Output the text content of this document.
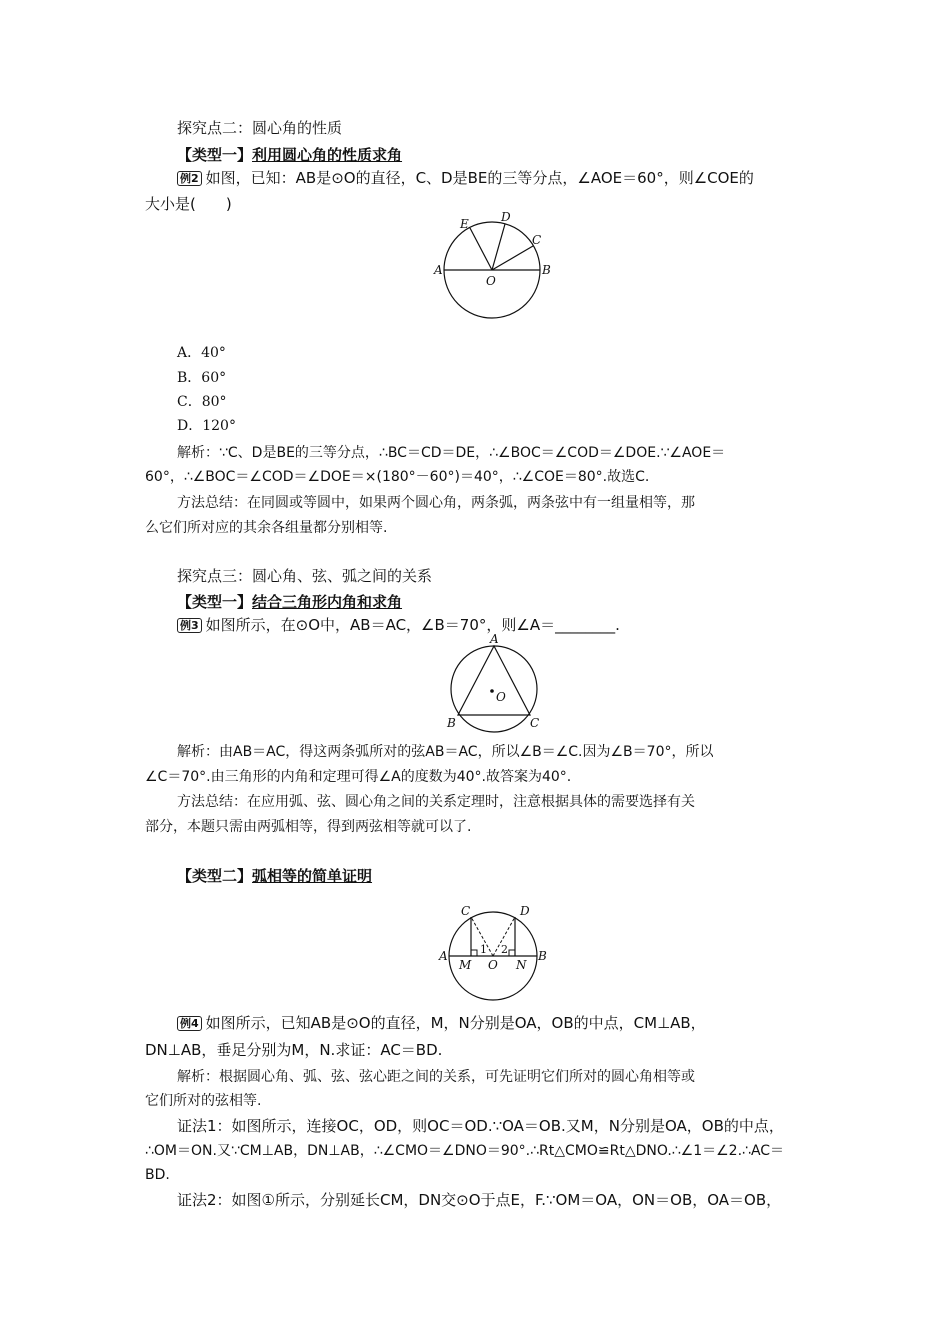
探究点二：圆心角的性质
【类型一】利用圆心角的性质求角
例2 如图，已知：AB是⊙O的直径，C、D是BE的三等分点，∠AOE＝60°，则∠COE的
大小是(　　)
A	B
O
C
D
E
A．40°
B．60°
C．80°
D．120°
解析：∵C、D是BE的三等分点，∴BC＝CD＝DE，∴∠BOC＝∠COD＝∠DOE.∵∠AOE＝
60°，∴∠BOC＝∠COD＝∠DOE＝×(180°－60°)＝40°，∴∠COE＝80°.故选C.
方法总结：在同圆或等圆中，如果两个圆心角，两条弧，两条弦中有一组量相等，那
么它们所对应的其余各组量都分别相等.
探究点三：圆心角、弦、弧之间的关系
【类型一】结合三角形内角和求角
例3 如图所示，在⊙O中，AB＝AC，∠B＝70°，则∠A＝________.
A
B	C
O
解析：由AB＝AC，得这两条弧所对的弦AB＝AC，所以∠B＝∠C.因为∠B＝70°，所以
∠C＝70°.由三角形的内角和定理可得∠A的度数为40°.故答案为40°.
方法总结：在应用弧、弦、圆心角之间的关系定理时，注意根据具体的需要选择有关
部分，本题只需由两弧相等，得到两弦相等就可以了.
【类型二】弧相等的简单证明
C	D
A	B
M O N
1 2
例4 如图所示，已知AB是⊙O的直径，M，N分别是OA，OB的中点，CM⊥AB，
DN⊥AB，垂足分别为M，N.求证：AC＝BD.
解析：根据圆心角、弧、弦、弦心距之间的关系，可先证明它们所对的圆心角相等或
它们所对的弦相等.
证法1：如图所示，连接OC，OD，则OC＝OD.∵OA＝OB.又M，N分别是OA，OB的中点，
∴OM＝ON.又∵CM⊥AB，DN⊥AB，∴∠CMO＝∠DNO＝90°.∴Rt△CMO≌Rt△DNO.∴∠1＝∠2.∴AC＝
BD.
证法2：如图①所示，分别延长CM，DN交⊙O于点E，F.∵OM＝OA，ON＝OB，OA＝OB，
